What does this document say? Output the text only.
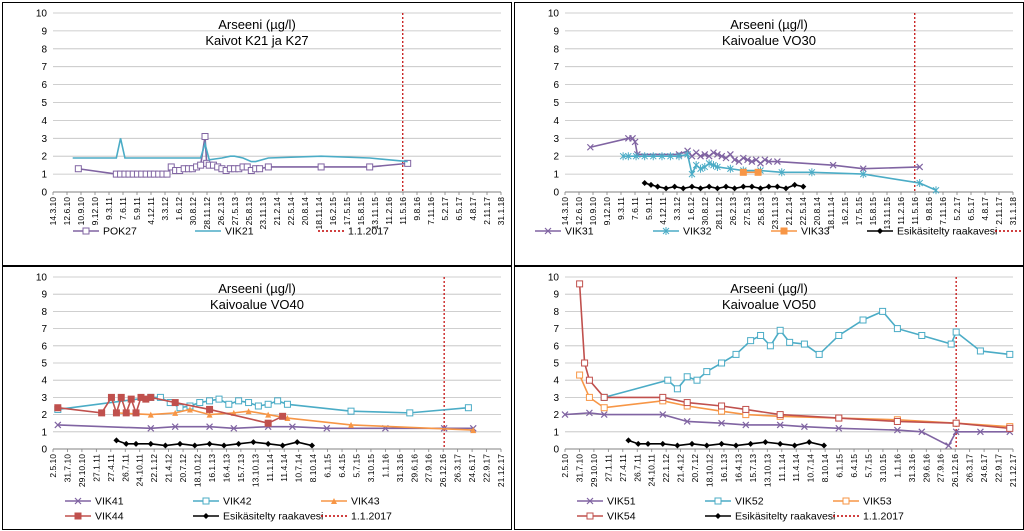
0
1
2
3
4
5
6
7
8
9
10
14.3.10 12.6.10 10.9.10 9.12.10 9.3.11 7.6.11 5.9.11 4.12.11 3.3.12 1.6.12 30.8.12 28.11.12 26.2.13 27.5.13 25.8.13 23.11.13 21.2.14 22.5.14 20.8.14 18.11.14 16.2.15 17.5.15 15.8.15 13.11.15 11.2.16 11.5.16 9.8.16 7.11.16 5.2.17 6.5.17 4.8.17 2.11.17 31.1.18
POK27	VIK21	1.1.2017
Arseeni (µg/l)
Kaivot K21 ja K27
0
1
2
3
4
5
6
7
8
9
10
14.3.10 12.6.10 10.9.10 9.12.10 9.3.11 7.6.11 5.9.11 4.12.11 3.3.12 1.6.12 30.8.12 28.11.12 26.2.13 27.5.13 25.8.13 23.11.13 21.2.14 22.5.14 20.8.14 18.11.14 16.2.15 17.5.15 15.8.15 13.11.15 11.2.16 11.5.16 9.8.16 7.11.16 5.2.17 6.5.17 4.8.17 2.11.17 31.1.18
VIK31	VIK32	VIK33	Esikäsitelty raakavesi
Arseeni (µg/l)
Kaivoalue VO30
0
1
2
3
4
5
6
7
8
9
10
2.5.10 31.7.10 29.10.10 27.1.11 27.4.11 26.7.11 24.10.11 22.1.12 21.4.12 20.7.12 18.10.12 16.1.13 16.4.13 15.7.13 13.10.13 11.1.14 11.4.14 10.7.14 8.10.14 6.1.15 6.4.15 5.7.15 3.10.15 1.1.16 31.3.16 29.6.16 27.9.16 26.12.16 26.3.17 24.6.17 22.9.17 21.12.17
VIK41	VIK42	VIK43
VIK44	Esikäsitelty raakavesi	1.1.2017
Arseeni (µg/l)
Kaivoalue VO40
0
1
2
3
4
5
6
7
8
9
10
2.5.10 31.7.10 29.10.10 27.1.11 27.4.11 26.7.11 24.10.11 22.1.12 21.4.12 20.7.12 18.10.12 16.1.13 16.4.13 15.7.13 13.10.13 11.1.14 11.4.14 10.7.14 8.10.14 6.1.15 6.4.15 5.7.15 3.10.15 1.1.16 31.3.16 29.6.16 27.9.16 26.12.16 26.3.17 24.6.17 22.9.17 21.12.17
VIK51	VIK52	VIK53
VIK54	Esikäsitelty raakavesi	1.1.2017
Arseeni (µg/l)
Kaivoalue VO50
